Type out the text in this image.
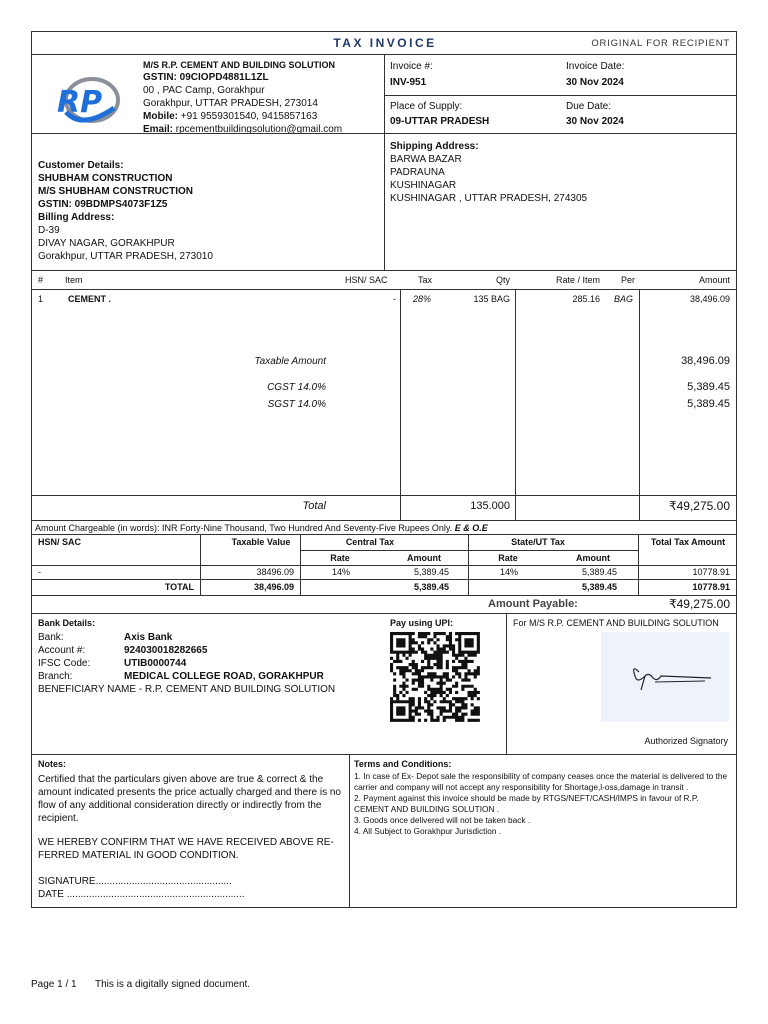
TAX INVOICE	ORIGINAL FOR RECIPIENT
RP
M/S R.P. CEMENT AND BUILDING SOLUTION
GSTIN: 09CIOPD4881L1ZL
00 , PAC Camp, Gorakhpur
Gorakhpur, UTTAR PRADESH, 273014
Mobile: +91 9559301540, 9415857163
Email: rpcementbuildingsolution@gmail.com
Invoice #:
INV-951
Invoice Date:
30 Nov 2024
Place of Supply:
09-UTTAR PRADESH
Due Date:
30 Nov 2024
Customer Details:
SHUBHAM CONSTRUCTION
M/S SHUBHAM CONSTRUCTION
GSTIN: 09BDMPS4073F1Z5
Billing Address:
D-39
DIVAY NAGAR, GORAKHPUR
Gorakhpur, UTTAR PRADESH, 273010
Shipping Address:
BARWA BAZAR
PADRAUNA
KUSHINAGAR
KUSHINAGAR , UTTAR PRADESH, 274305
# Item	HSN/ SAC	Tax	Qty	Rate / Item Per	Amount
1	CEMENT .	- 28%	135 BAG	285.16 BAG	38,496.09
Taxable Amount	38,496.09
CGST 14.0%	5,389.45
SGST 14.0%	5,389.45
Total	135.000	₹49,275.00
Amount Chargeable (in words): INR Forty-Nine Thousand, Two Hundred And Seventy-Five Rupees Only. E & O.E
HSN/ SAC	Taxable Value	Central Tax	State/UT Tax	Total Tax Amount
Rate	Amount	Rate	Amount
-	38496.09	14%	5,389.45	14%	5,389.45	10778.91
TOTAL	38,496.09	5,389.45	5,389.45	10778.91
Amount Payable:	₹49,275.00
Bank Details:
Bank:	Axis Bank
Account #:	924030018282665
IFSC Code:	UTIB0000744
Branch:	MEDICAL COLLEGE ROAD, GORAKHPUR
BENEFICIARY NAME - R.P. CEMENT AND BUILDING SOLUTION
Pay using UPI:	For M/S R.P. CEMENT AND BUILDING SOLUTION
Authorized Signatory
Notes:
Certified that the particulars given above are true & correct & the amount indicated presents the price actually charged and there is no flow of any additional consideration directly or indirectly from the recipient.
WE HEREBY CONFIRM THAT WE HAVE RECEIVED ABOVE RE- FERRED MATERIAL IN GOOD CONDITION.
SIGNATURE.................................................
DATE ................................................................
Terms and Conditions:
1. In case of Ex- Depot sale the responsibility of company ceases once the material is delivered to the carrier and company will not accept any responsibility for Shortage,l-oss,damage in transit .
2. Payment against this invoice should be made by RTGS/NEFT/CASH/IMPS in favour of R.P. CEMENT AND BUILDING SOLUTION .
3. Goods once delivered will not be taken back .
4. All Subject to Gorakhpur Jurisdiction .
Page 1 / 1 This is a digitally signed document.
